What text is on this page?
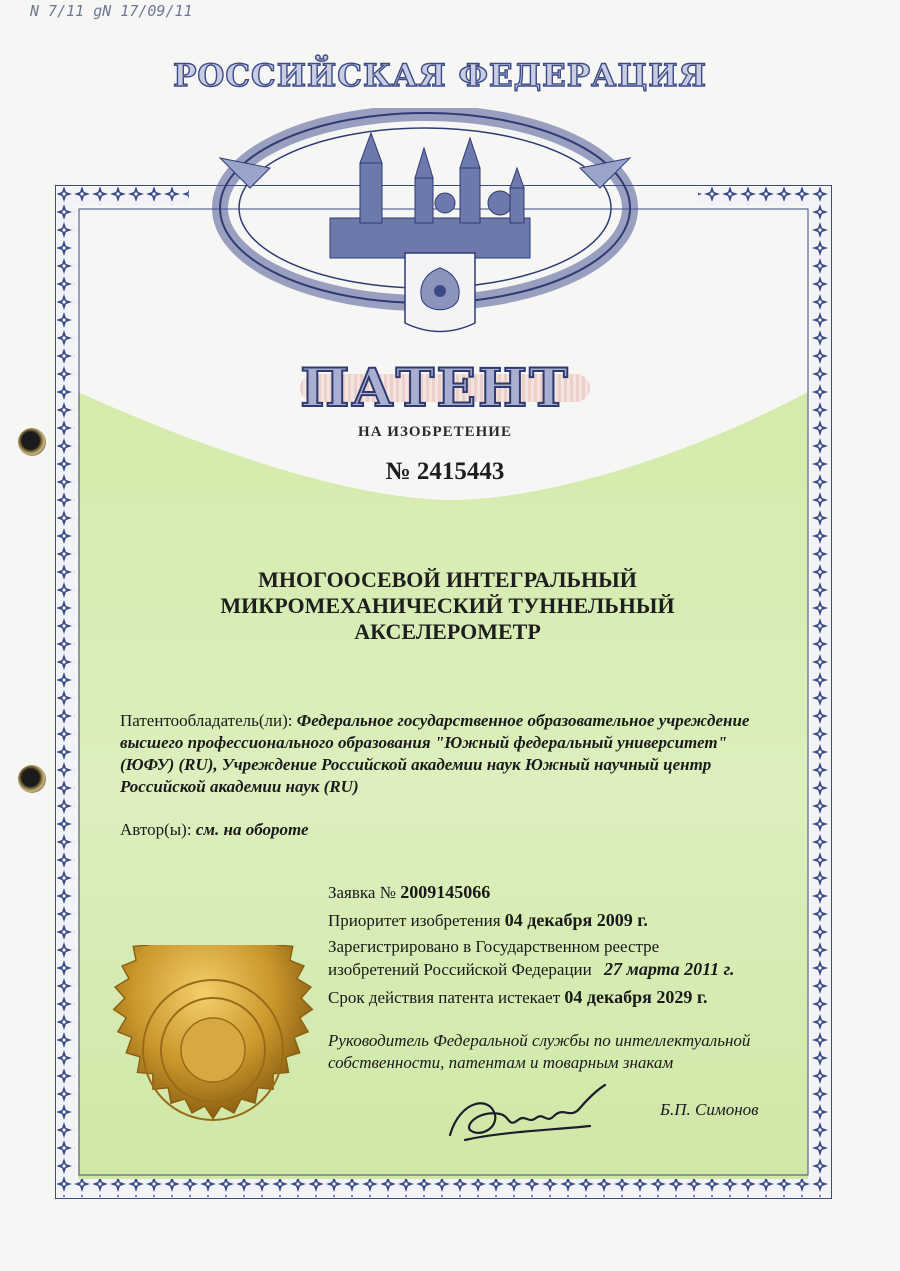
N 7/11 gN 17/09/11
РОССИЙСКАЯ ФЕДЕРАЦИЯ
ПАТЕНТ
НА ИЗОБРЕТЕНИЕ
№ 2415443
МНОГООСЕВОЙ ИНТЕГРАЛЬНЫЙ
МИКРОМЕХАНИЧЕСКИЙ ТУННЕЛЬНЫЙ
АКСЕЛЕРОМЕТР
Патентообладатель(ли): Федеральное государственное образовательное учреждение высшего профессионального образования "Южный федеральный университет" (ЮФУ) (RU), Учреждение Российской академии наук Южный научный центр Российской академии наук (RU)
Автор(ы): см. на обороте
Заявка № 2009145066
Приоритет изобретения 04 декабря 2009 г.
Зарегистрировано в Государственном реестре
изобретений Российской Федерации 27 марта 2011 г.
Срок действия патента истекает 04 декабря 2029 г.
Руководитель Федеральной службы по интеллектуальной собственности, патентам и товарным знакам
Б.П. Симонов
